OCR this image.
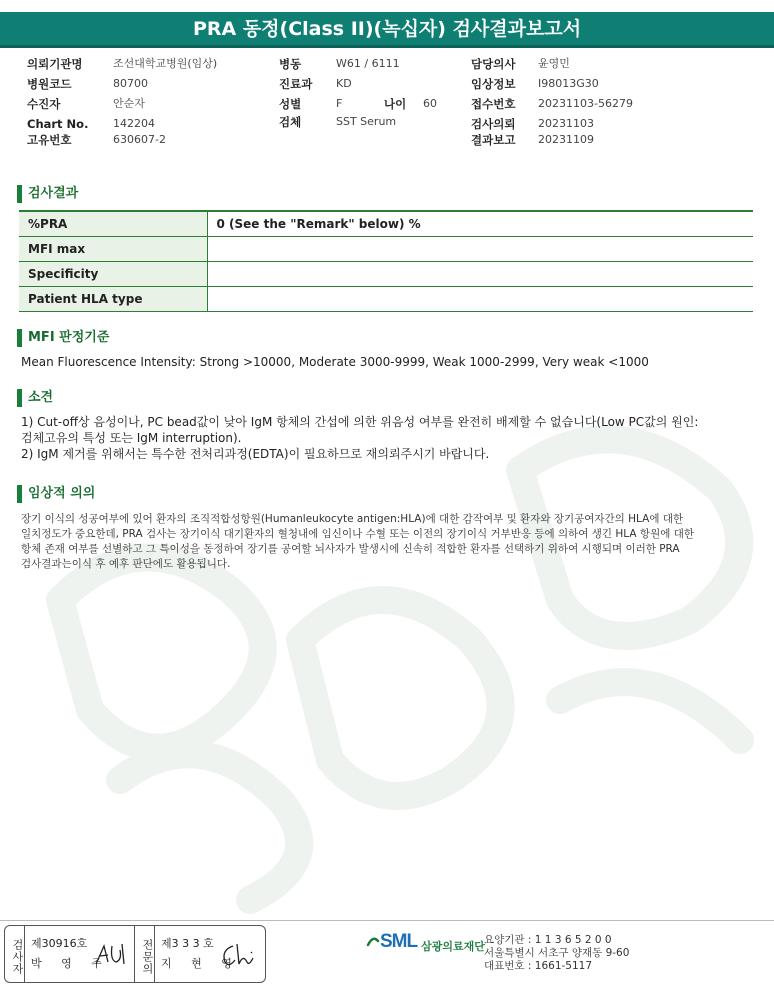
PRA 동정(Class II)(녹십자) 검사결과보고서
의뢰기관명	조선대학교병원(임상)
병원코드	80700
수진자	안순자
Chart No. 142204
고유번호	630607-2
병동	W61 / 6111
진료과 KD
성별	F	나이 60
검체	SST Serum
담당의사 윤영민
임상정보 I98013G30
접수번호 20231103-56279
검사의뢰 20231103
결과보고 20231109
검사결과
%PRA	0 (See the "Remark" below) %
MFI max	
Specificity	
Patient HLA type	
MFI 판정기준
Mean Fluorescence Intensity: Strong >10000, Moderate 3000-9999, Weak 1000-2999, Very weak <1000
소견
1) Cut-off상 음성이나, PC bead값이 낮아 IgM 항체의 간섭에 의한 위음성 여부를 완전히 배제할 수 없습니다(Low PC값의 원인:
검체고유의 특성 또는 IgM interruption).
2) IgM 제거를 위해서는 특수한 전처리과정(EDTA)이 필요하므로 재의뢰주시기 바랍니다.
임상적 의의
장기 이식의 성공여부에 있어 환자의 조직적합성항원(Humanleukocyte antigen:HLA)에 대한 감작여부 및 환자와 장기공여자간의 HLA에 대한
일치정도가 중요한데, PRA 검사는 장기이식 대기환자의 혈청내에 임신이나 수혈 또는 이전의 장기이식 거부반응 등에 의하여 생긴 HLA 항원에 대한
항체 존재 여부를 선별하고 그 특이성을 동정하여 장기를 공여할 뇌사자가 발생시에 신속히 적합한 환자를 선택하기 위하여 시행되며 이러한 PRA
검사결과는이식 후 예후 판단에도 활용됩니다.
검사자 제30916호
박 영 주	전문의 제3 3 3 호
지 현 영
SML 삼광의료재단 요양기관 : 1 1 3 6 5 2 0 0
서울특별시 서초구 양재동 9-60
대표번호 : 1661-5117
